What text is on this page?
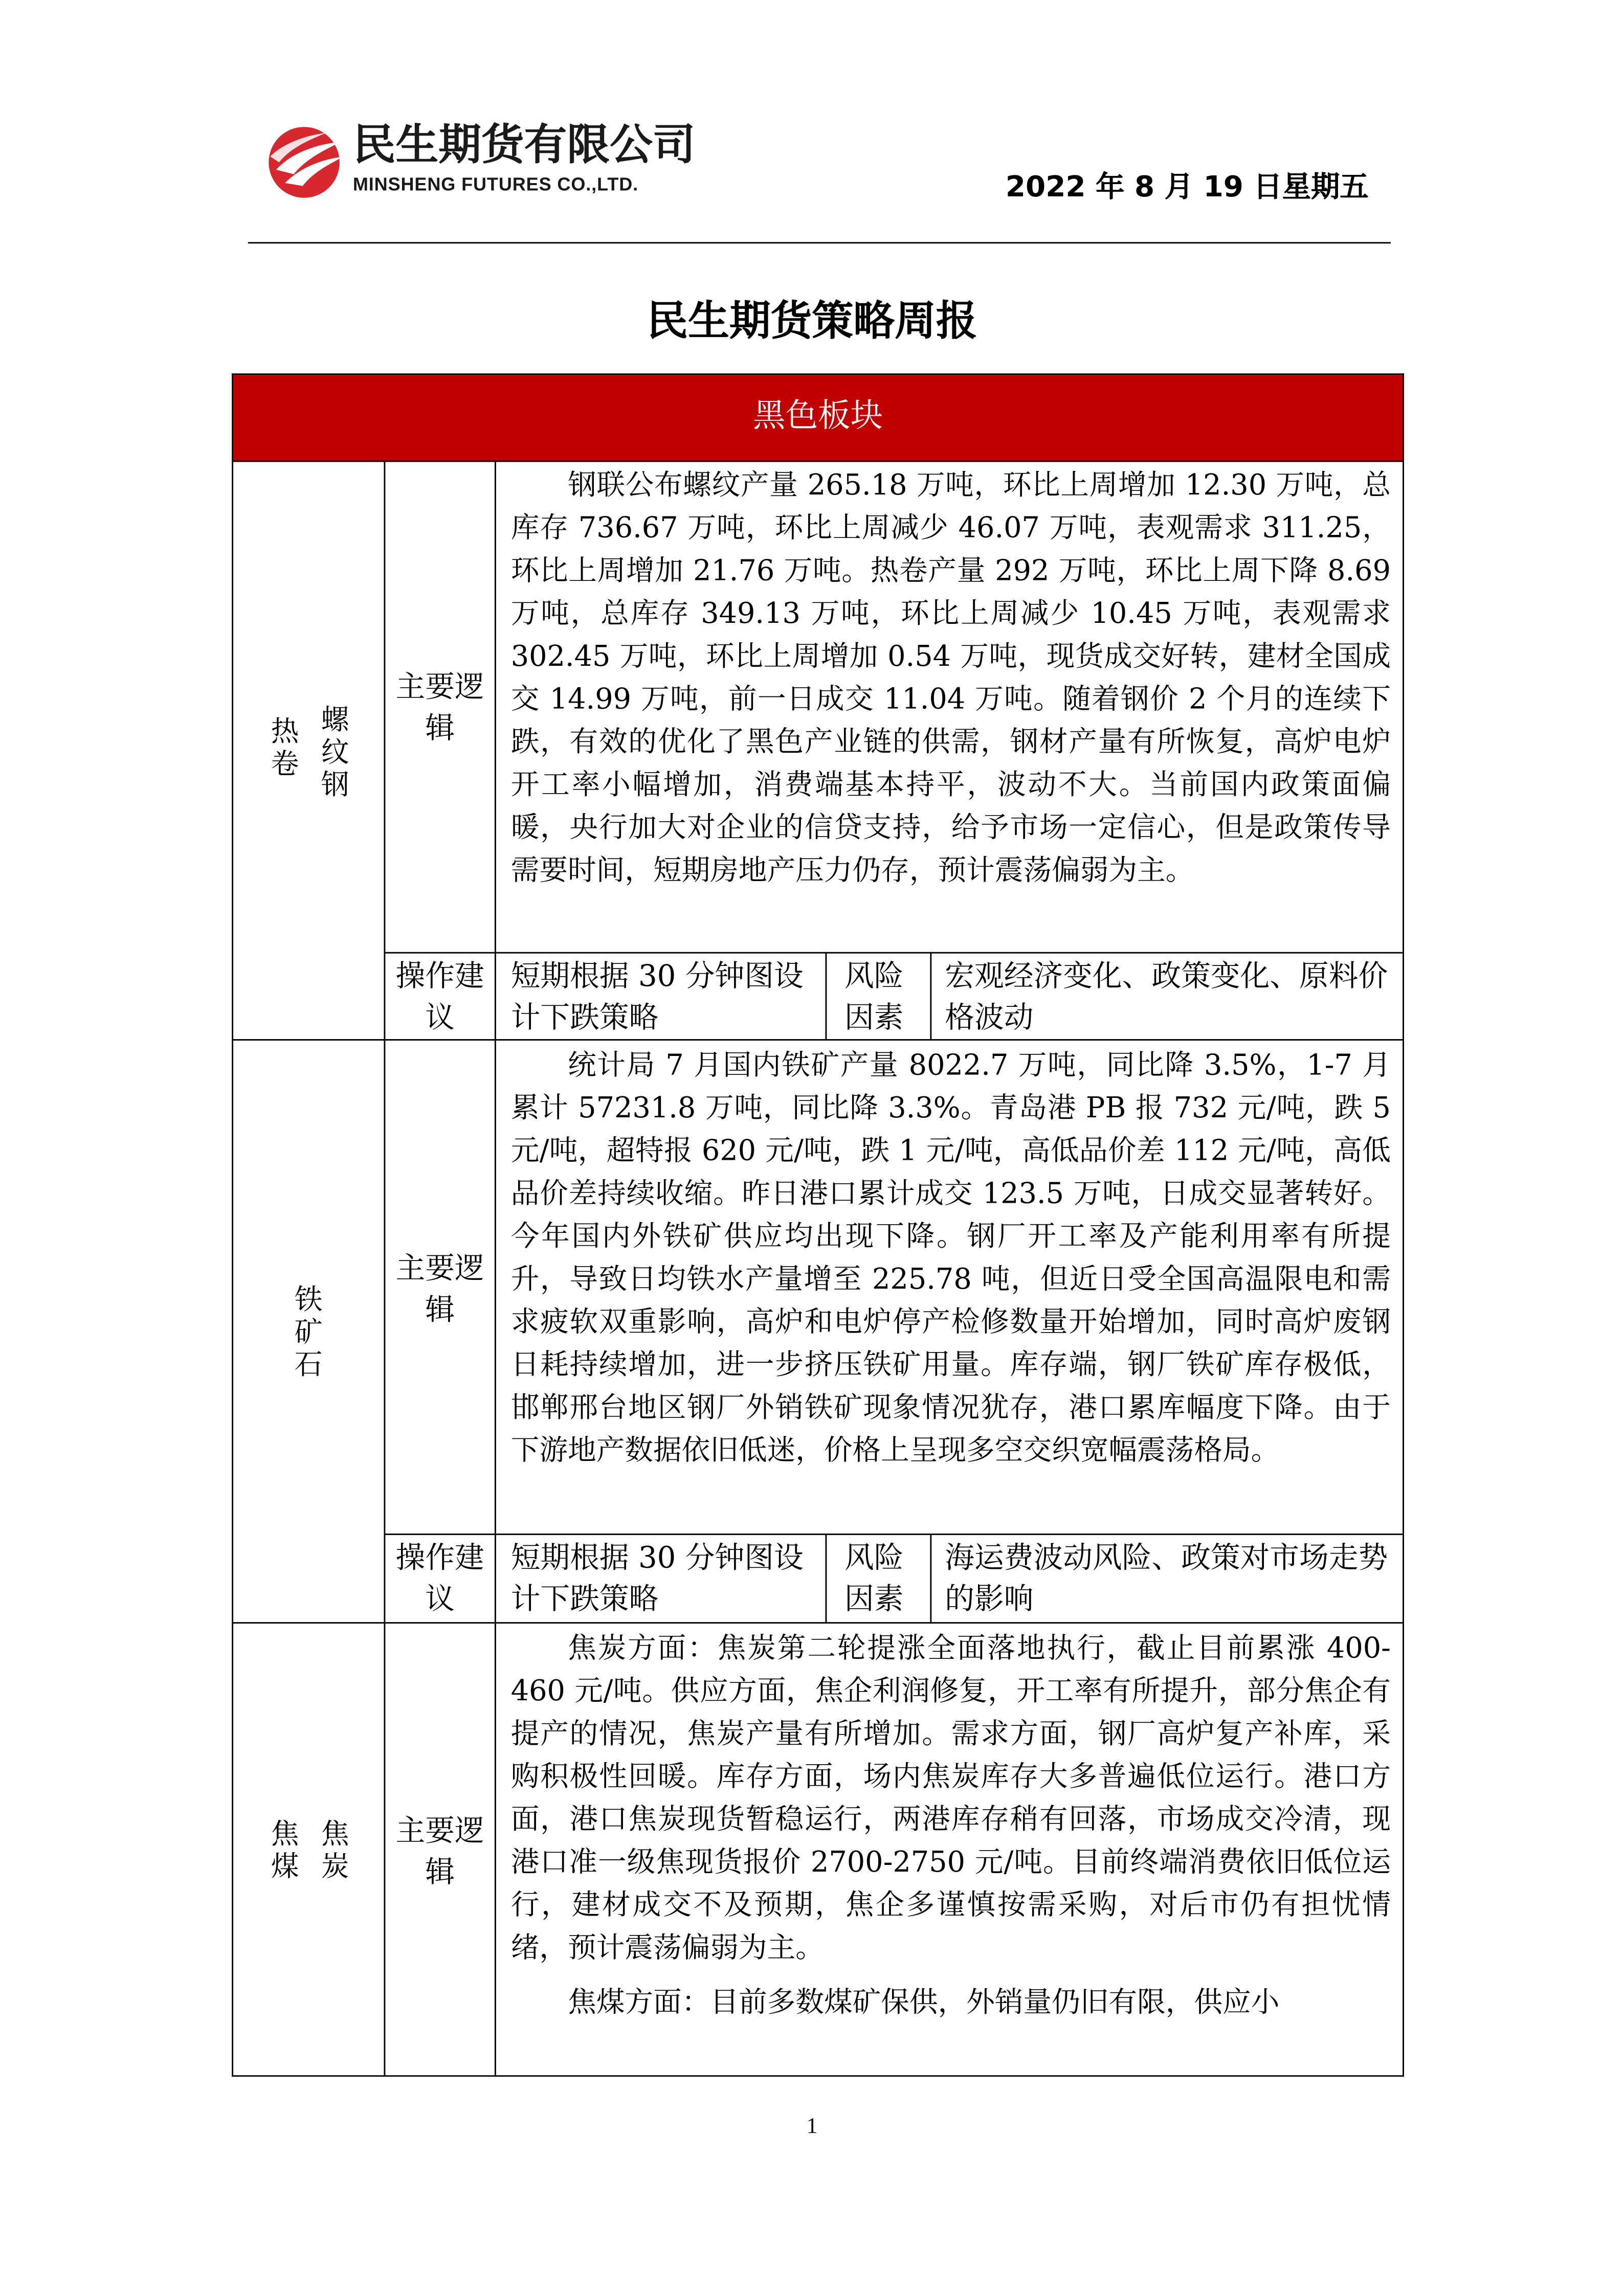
民生期货有限公司
MINSHENG FUTURES CO.,LTD.	2022 年 8 月 19 日星期五
民生期货策略周报
黑色板块
螺纹钢
热卷
主要逻辑

钢联公布螺纹产量 265.18 万吨，环比上周增加 12.30 万吨，总库存 736.67 万吨，环比上周减少 46.07 万吨，表观需求 311.25，环比上周增加 21.76 万吨。热卷产量 292 万吨，环比上周下降 8.69 万吨，总库存 349.13 万吨，环比上周减少 10.45 万吨，表观需求 302.45 万吨，环比上周增加 0.54 万吨，现货成交好转，建材全国成交 14.99 万吨，前一日成交 11.04 万吨。随着钢价 2 个月的连续下跌，有效的优化了黑色产业链的供需，钢材产量有所恢复，高炉电炉开工率小幅增加，消费端基本持平，波动不大。当前国内政策面偏暖，央行加大对企业的信贷支持，给予市场一定信心，但是政策传导需要时间，短期房地产压力仍存，预计震荡偏弱为主。

操作建议
短期根据 30 分钟图设计下跌策略
风险因素
宏观经济变化、政策变化、原料价格波动
铁矿石
主要逻辑

统计局 7 月国内铁矿产量 8022.7 万吨，同比降 3.5%，1-7 月累计 57231.8 万吨，同比降 3.3%。青岛港 PB 报 732 元/吨，跌 5 元/吨，超特报 620 元/吨，跌 1 元/吨，高低品价差 112 元/吨，高低品价差持续收缩。昨日港口累计成交 123.5 万吨，日成交显著转好。今年国内外铁矿供应均出现下降。钢厂开工率及产能利用率有所提升，导致日均铁水产量增至 225.78 吨，但近日受全国高温限电和需求疲软双重影响，高炉和电炉停产检修数量开始增加，同时高炉废钢日耗持续增加，进一步挤压铁矿用量。库存端，钢厂铁矿库存极低，邯郸邢台地区钢厂外销铁矿现象情况犹存，港口累库幅度下降。由于下游地产数据依旧低迷，价格上呈现多空交织宽幅震荡格局。

操作建议
短期根据 30 分钟图设计下跌策略
风险因素
海运费波动风险、政策对市场走势的影响
焦炭
焦煤
主要逻辑

焦炭方面：焦炭第二轮提涨全面落地执行，截止目前累涨 400-460 元/吨。供应方面，焦企利润修复，开工率有所提升，部分焦企有提产的情况，焦炭产量有所增加。需求方面，钢厂高炉复产补库，采购积极性回暖。库存方面，场内焦炭库存大多普遍低位运行。港口方面，港口焦炭现货暂稳运行，两港库存稍有回落，市场成交冷清，现港口准一级焦现货报价 2700-2750 元/吨。目前终端消费依旧低位运行，建材成交不及预期，焦企多谨慎按需采购，对后市仍有担忧情绪，预计震荡偏弱为主。

焦煤方面：目前多数煤矿保供，外销量仍旧有限，供应小

1
